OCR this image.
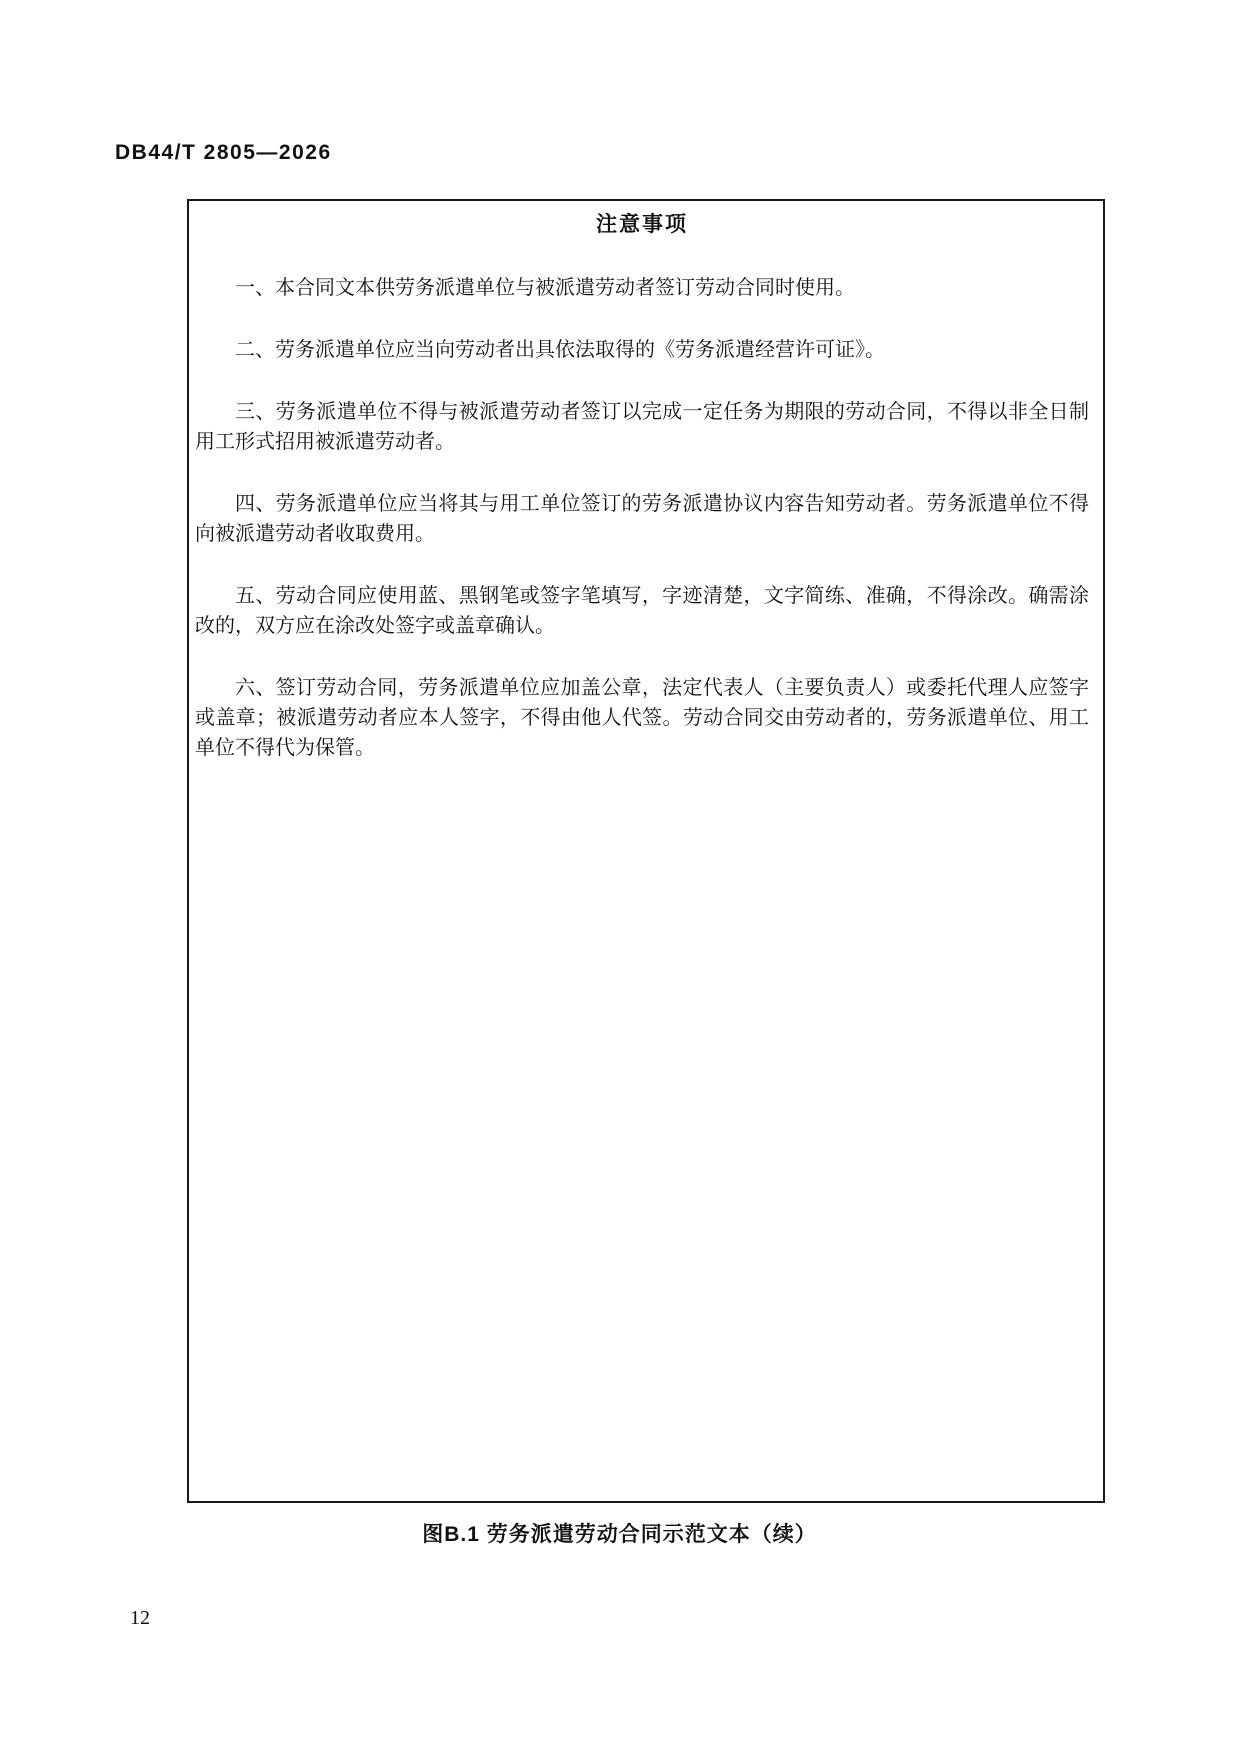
DB44/T 2805—2026
注意事项

一、本合同文本供劳务派遣单位与被派遣劳动者签订劳动合同时使用。

二、劳务派遣单位应当向劳动者出具依法取得的《劳务派遣经营许可证》。

三、劳务派遣单位不得与被派遣劳动者签订以完成一定任务为期限的劳动合同，不得以非全日制用工形式招用被派遣劳动者。

四、劳务派遣单位应当将其与用工单位签订的劳务派遣协议内容告知劳动者。劳务派遣单位不得向被派遣劳动者收取费用。

五、劳动合同应使用蓝、黑钢笔或签字笔填写，字迹清楚，文字简练、准确，不得涂改。确需涂改的，双方应在涂改处签字或盖章确认。

六、签订劳动合同，劳务派遣单位应加盖公章，法定代表人（主要负责人）或委托代理人应签字或盖章；被派遣劳动者应本人签字，不得由他人代签。劳动合同交由劳动者的，劳务派遣单位、用工单位不得代为保管。

图B.1 劳务派遣劳动合同示范文本（续）
12
